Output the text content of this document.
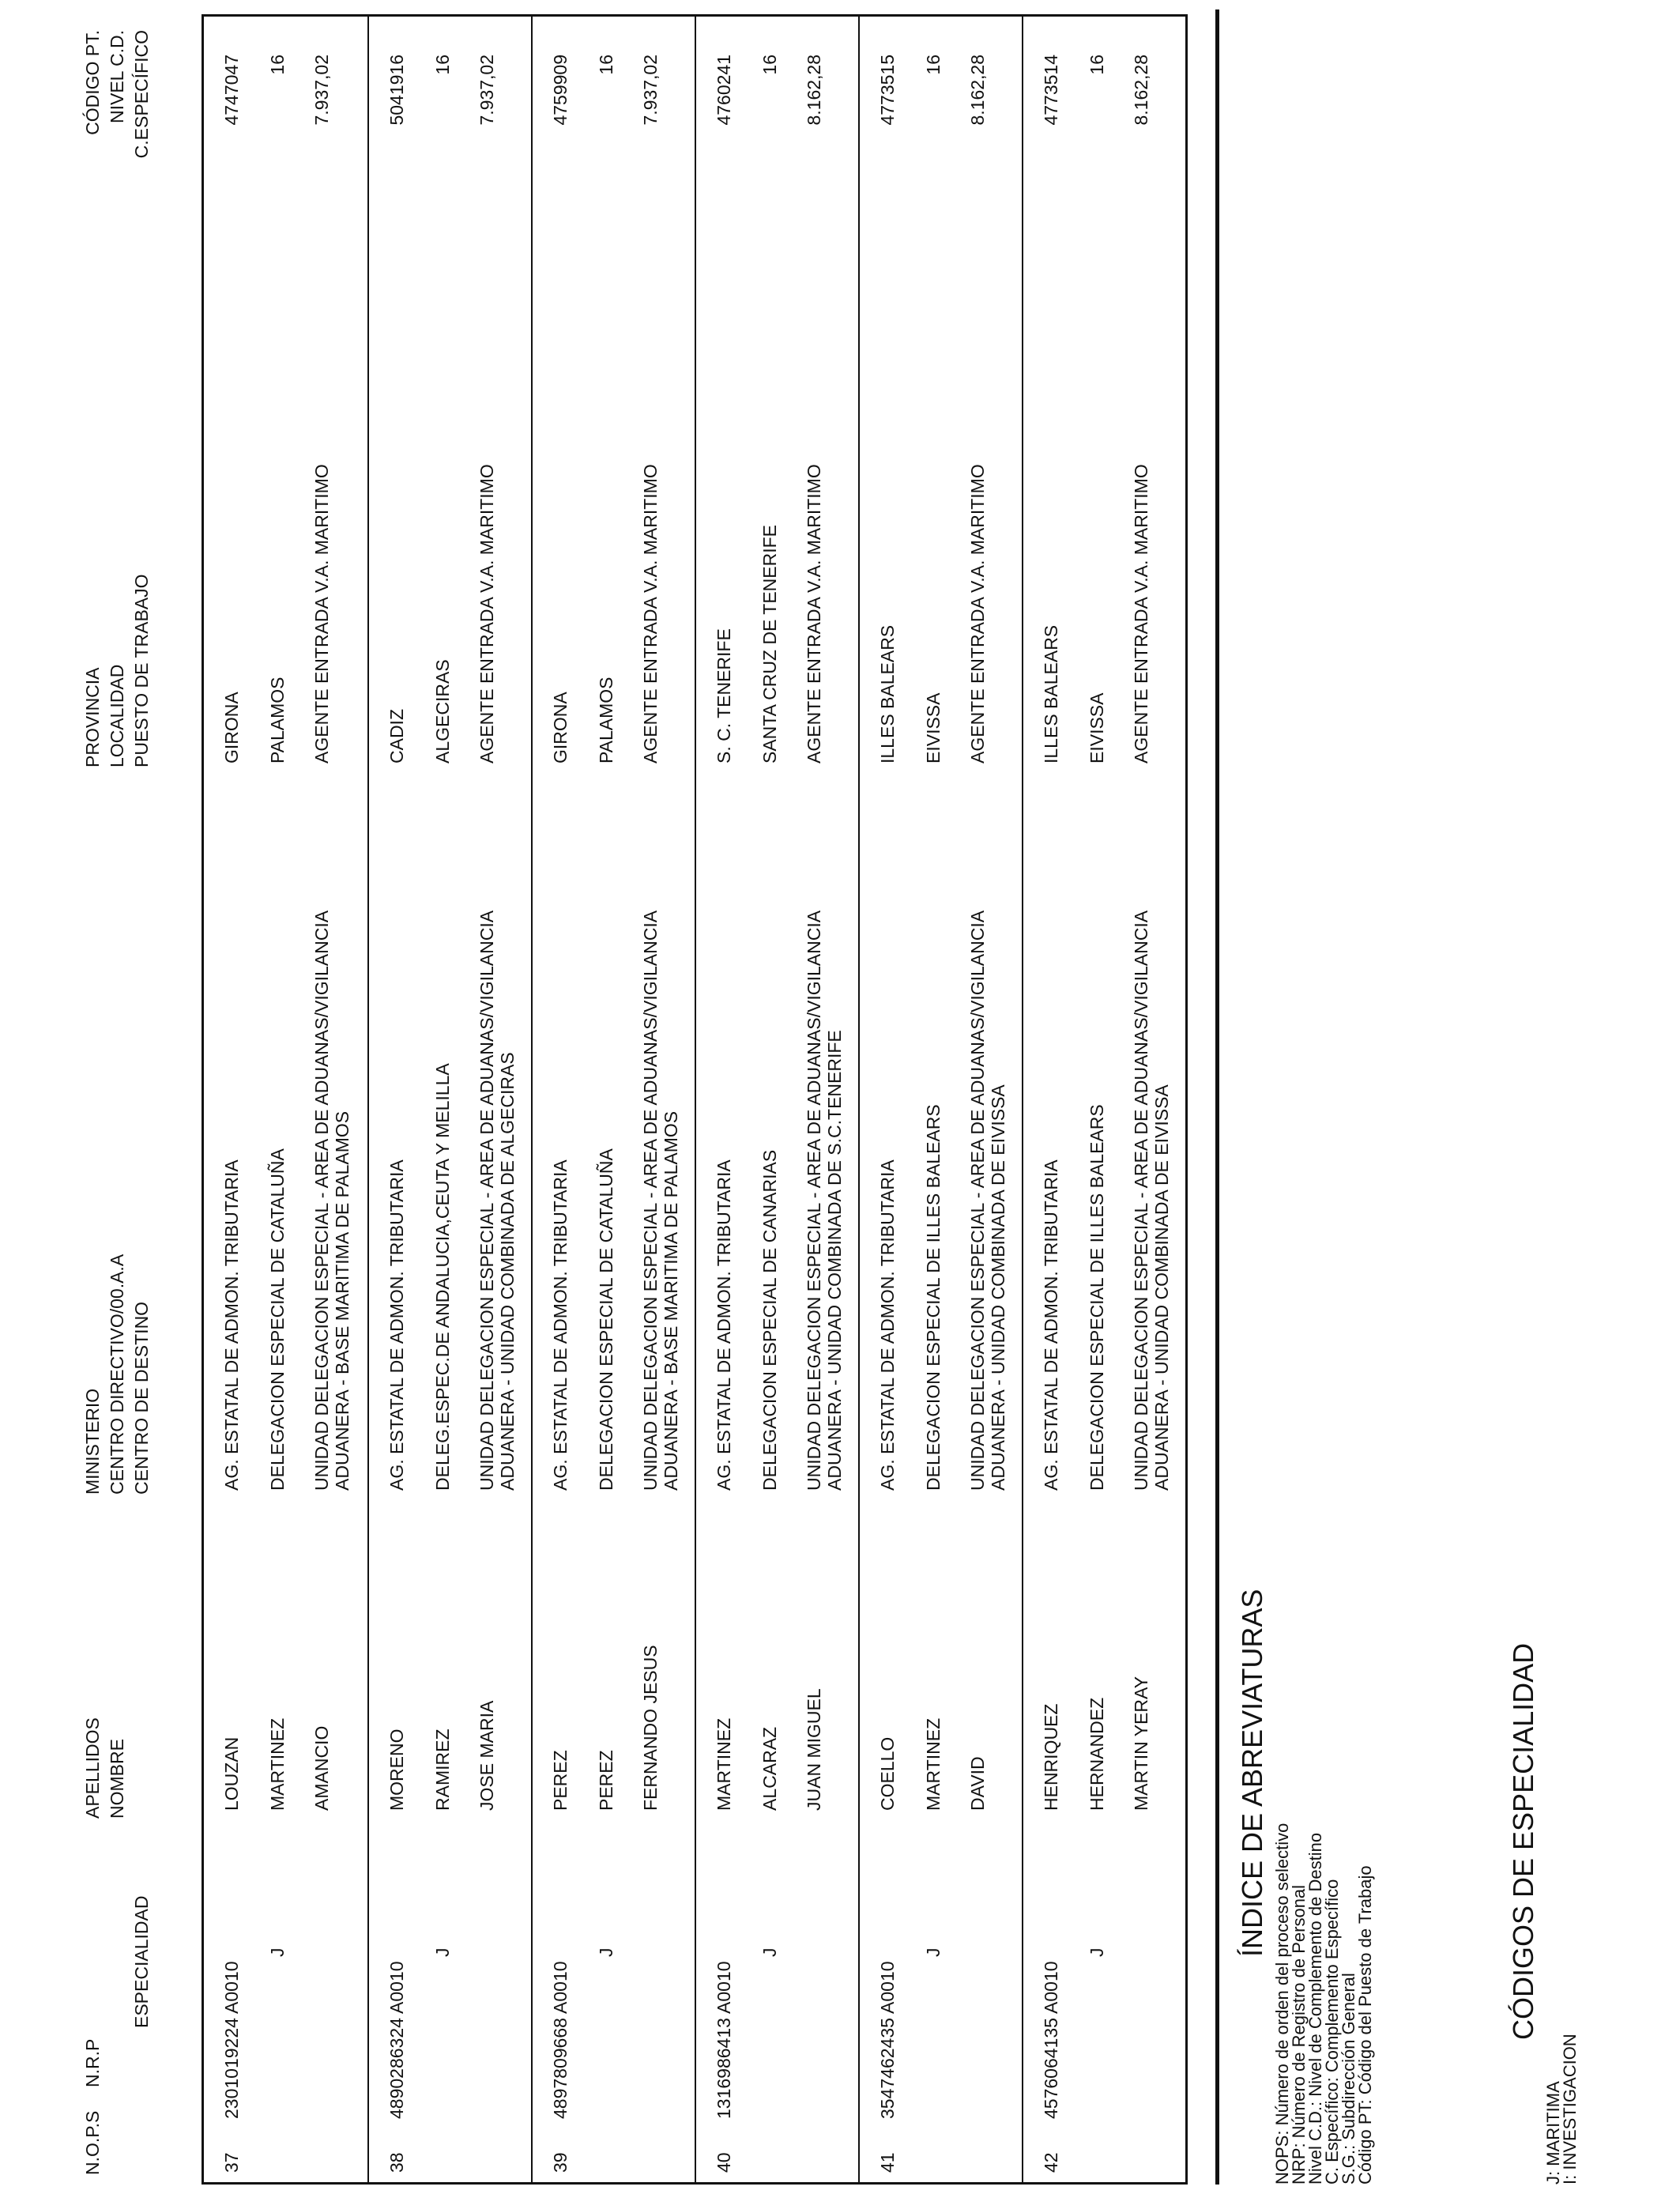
N.O.P.S
N.R.P
ESPECIALIDAD
APELLIDOS NOMBRE
MINISTERIO CENTRO DIRECTIVO/00.A.A CENTRO DE DESTINO
PROVINCIA LOCALIDAD PUESTO DE TRABAJO
CÓDIGO PT. NIVEL C.D. C.ESPECÍFICO
37
2301019224 A0010
J
LOUZAN MARTINEZ AMANCIO
AG. ESTATAL DE ADMON. TRIBUTARIA DELEGACION ESPECIAL DE CATALUÑA UNIDAD DELEGACION ESPECIAL - AREA DE ADUANAS/VIGILANCIA ADUANERA - BASE MARITIMA DE PALAMOS
GIRONA PALAMOS AGENTE ENTRADA V.A. MARITIMO
4747047 16 7.937,02
38
4890286324 A0010
J
MORENO RAMIREZ JOSE MARIA
AG. ESTATAL DE ADMON. TRIBUTARIA DELEG.ESPEC.DE ANDALUCIA,CEUTA Y MELILLA UNIDAD DELEGACION ESPECIAL - AREA DE ADUANAS/VIGILANCIA ADUANERA - UNIDAD COMBINADA DE ALGECIRAS
CADIZ ALGECIRAS AGENTE ENTRADA V.A. MARITIMO
5041916 16 7.937,02
39
4897809668 A0010
J
PEREZ PEREZ FERNANDO JESUS
AG. ESTATAL DE ADMON. TRIBUTARIA DELEGACION ESPECIAL DE CATALUÑA UNIDAD DELEGACION ESPECIAL - AREA DE ADUANAS/VIGILANCIA ADUANERA - BASE MARITIMA DE PALAMOS
GIRONA PALAMOS AGENTE ENTRADA V.A. MARITIMO
4759909 16 7.937,02
40
1316986413 A0010
J
MARTINEZ ALCARAZ JUAN MIGUEL
AG. ESTATAL DE ADMON. TRIBUTARIA DELEGACION ESPECIAL DE CANARIAS UNIDAD DELEGACION ESPECIAL - AREA DE ADUANAS/VIGILANCIA ADUANERA - UNIDAD COMBINADA DE S.C.TENERIFE
S. C. TENERIFE SANTA CRUZ DE TENERIFE AGENTE ENTRADA V.A. MARITIMO
4760241 16 8.162,28
41
3547462435 A0010
J
COELLO MARTINEZ DAVID
AG. ESTATAL DE ADMON. TRIBUTARIA DELEGACION ESPECIAL DE ILLES BALEARS UNIDAD DELEGACION ESPECIAL - AREA DE ADUANAS/VIGILANCIA ADUANERA - UNIDAD COMBINADA DE EIVISSA
ILLES BALEARS EIVISSA AGENTE ENTRADA V.A. MARITIMO
4773515 16 8.162,28
42
4576064135 A0010
J
HENRIQUEZ HERNANDEZ MARTIN YERAY
AG. ESTATAL DE ADMON. TRIBUTARIA DELEGACION ESPECIAL DE ILLES BALEARS UNIDAD DELEGACION ESPECIAL - AREA DE ADUANAS/VIGILANCIA ADUANERA - UNIDAD COMBINADA DE EIVISSA
ILLES BALEARS EIVISSA AGENTE ENTRADA V.A. MARITIMO
4773514 16 8.162,28
ÍNDICE DE ABREVIATURAS
NOPS: Número de orden del proceso selectivo
NRP: Número de Registro de Personal
Nivel C.D.: Nivel de Complemento de Destino
C. Específico: Complemento Específico
S.G.: Subdirección General
Código PT: Código del Puesto de Trabajo	CÓDIGOS DE ESPECIALIDAD
J: MARITIMA
I: INVESTIGACION
